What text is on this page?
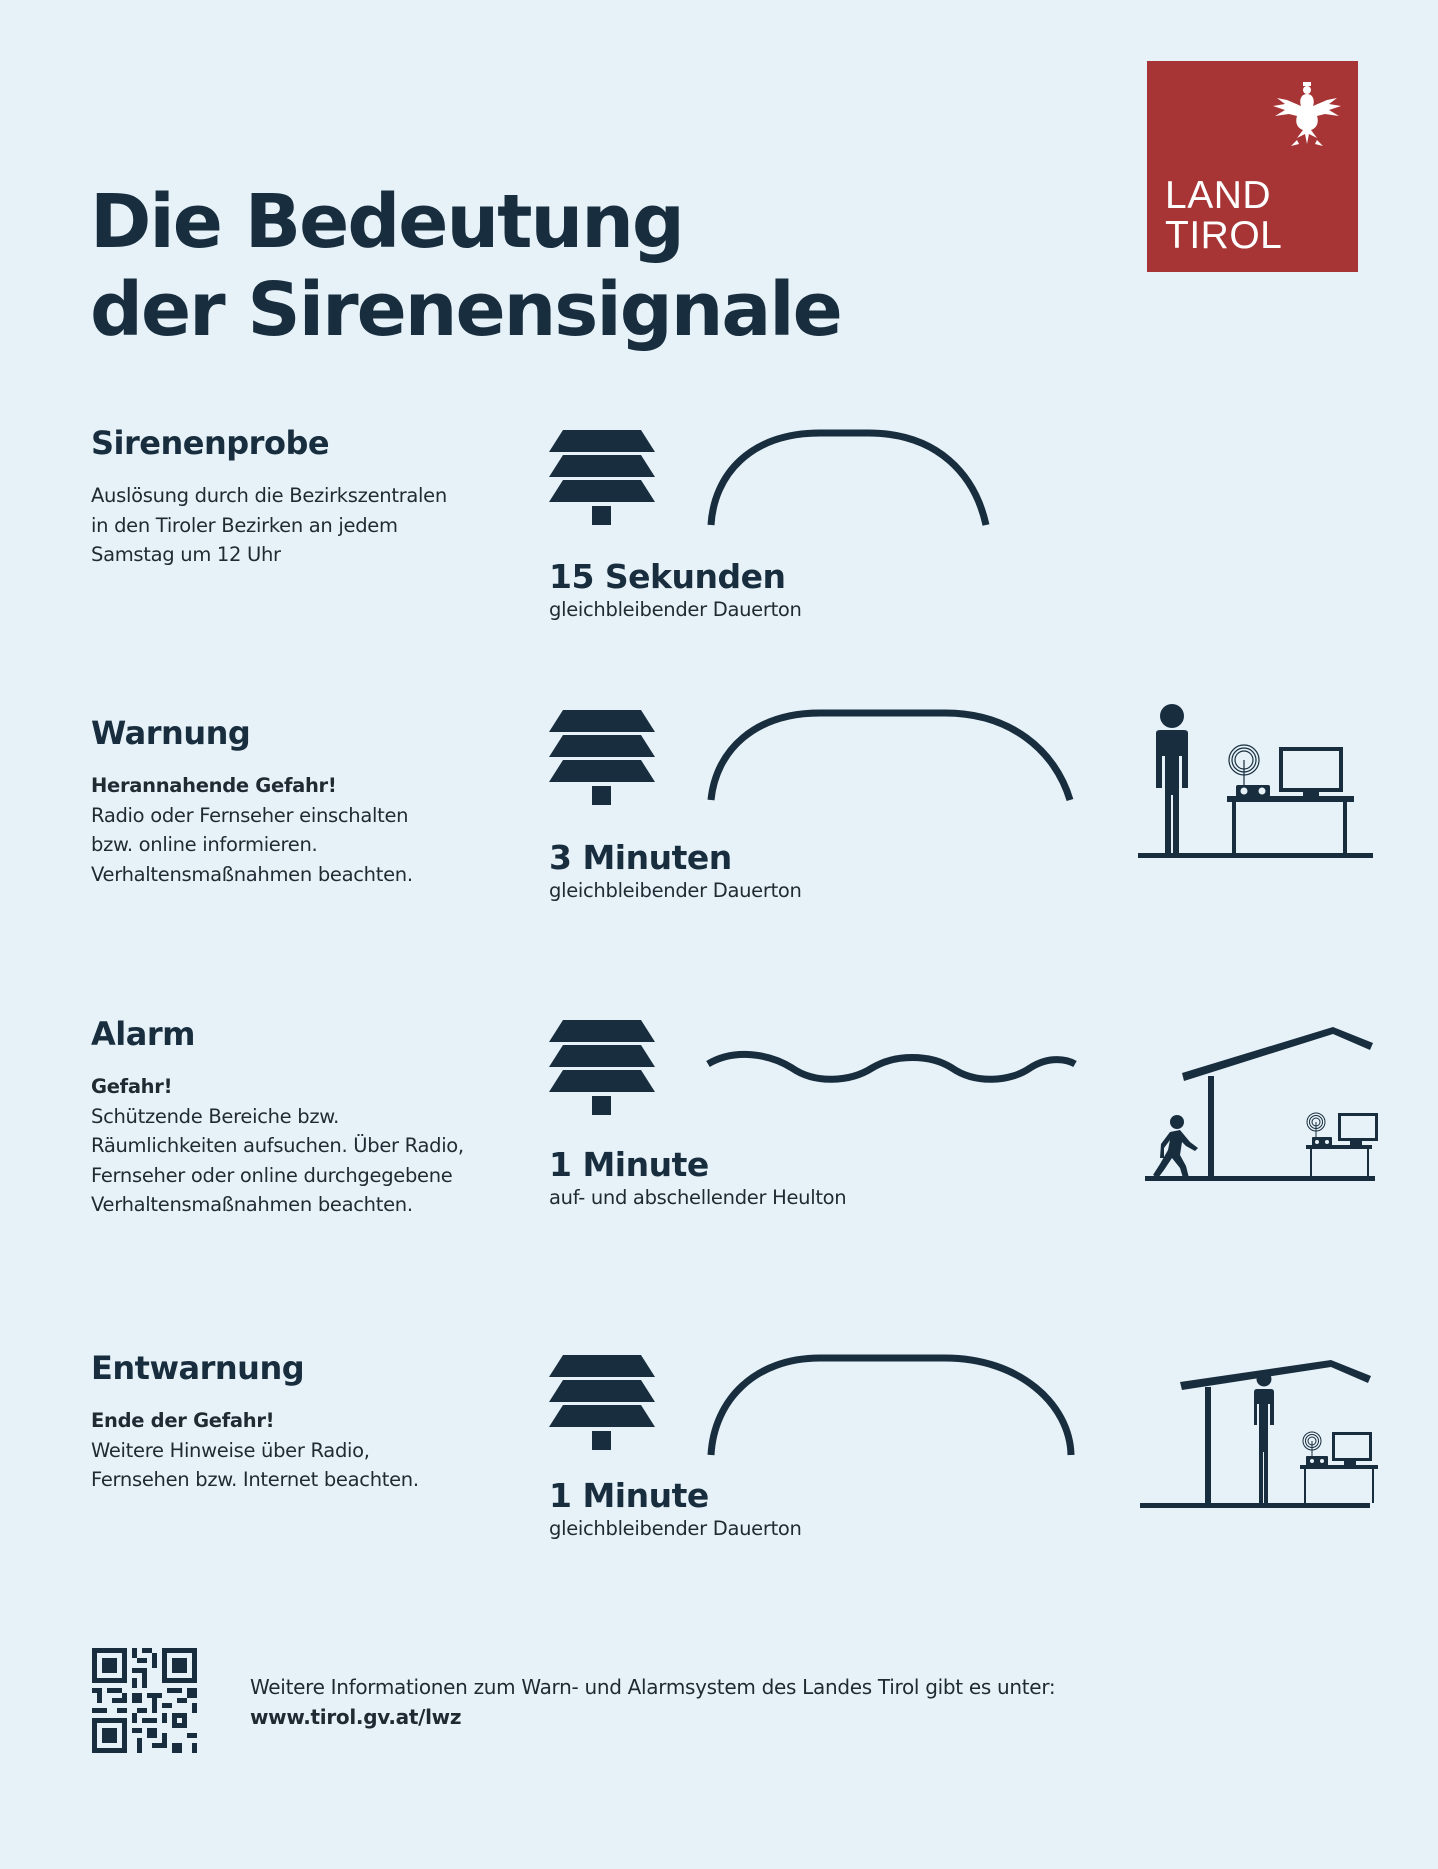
LAND
TIROL
Die Bedeutung
der Sirenensignale
Sirenenprobe
Auslösung durch die Bezirkszentralen
in den Tiroler Bezirken an jedem
Samstag um 12 Uhr
15 Sekunden
gleichbleibender Dauerton
Warnung
Herannahende Gefahr!
Radio oder Fernseher einschalten
bzw. online informieren.
Verhaltensmaßnahmen beachten.	3 Minuten
gleichbleibender Dauerton
Alarm
Gefahr!
Schützende Bereiche bzw.
Räumlichkeiten aufsuchen. Über Radio,
Fernseher oder online durchgegebene
Verhaltensmaßnahmen beachten.
1 Minute
auf- und abschellender Heulton
Entwarnung
Ende der Gefahr!
Weitere Hinweise über Radio,
Fernsehen bzw. Internet beachten.	1 Minute
gleichbleibender Dauerton
Weitere Informationen zum Warn- und Alarmsystem des Landes Tirol gibt es unter:
www.tirol.gv.at/lwz
